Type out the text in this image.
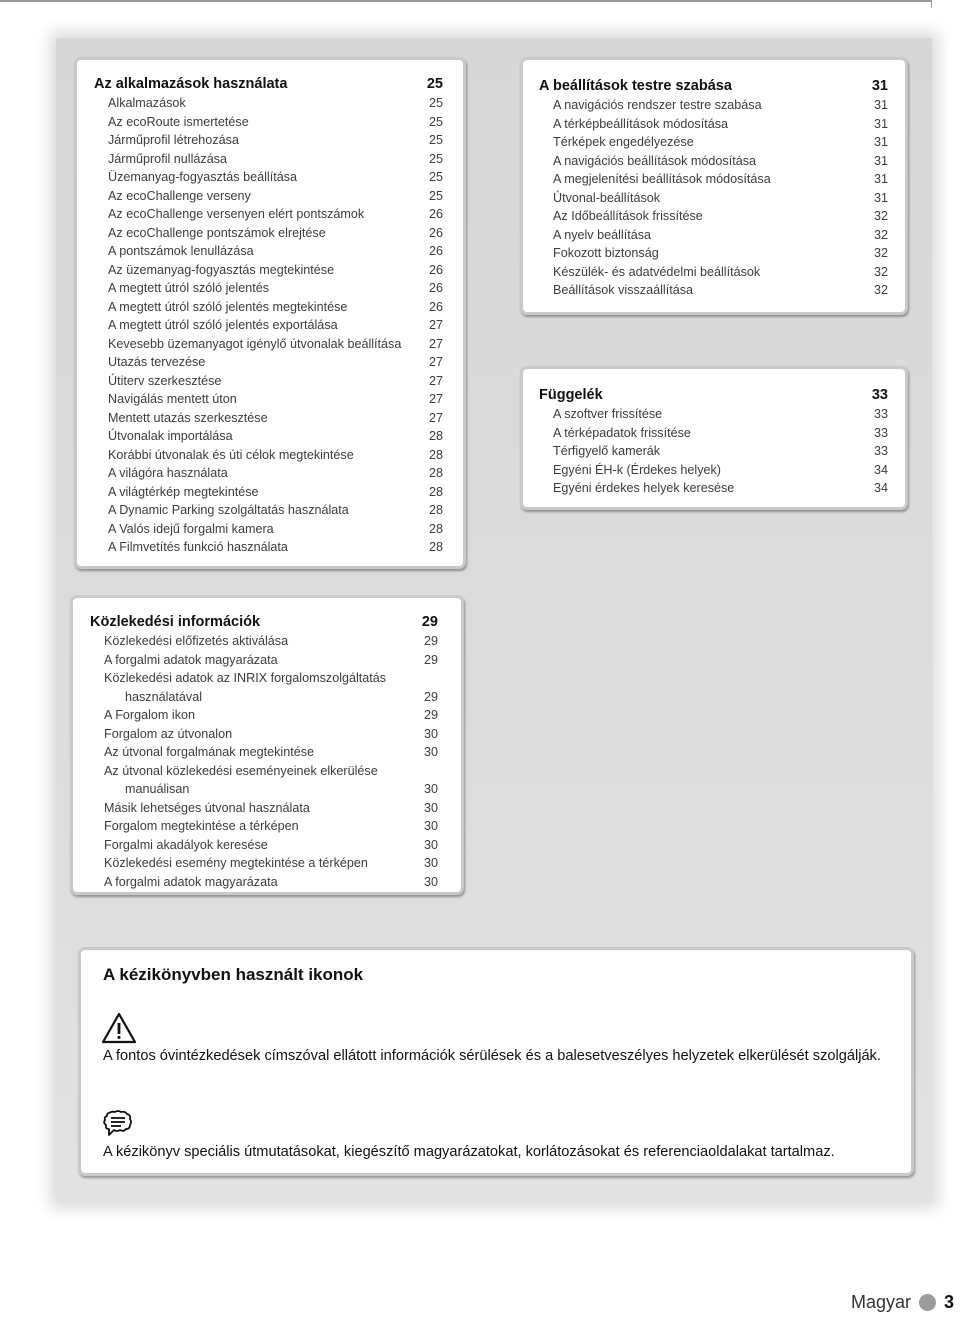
Az alkalmazások használata	25
Alkalmazások	25
Az ecoRoute ismertetése	25
Járműprofil létrehozása	25
Járműprofil nullázása	25
Üzemanyag-fogyasztás beállítása	25
Az ecoChallenge verseny	25
Az ecoChallenge versenyen elért pontszámok	26
Az ecoChallenge pontszámok elrejtése	26
A pontszámok lenullázása	26
Az üzemanyag-fogyasztás megtekintése	26
A megtett útról szóló jelentés	26
A megtett útról szóló jelentés megtekintése	26
A megtett útról szóló jelentés exportálása	27
Kevesebb üzemanyagot igénylő útvonalak beállítása 27
Utazás tervezése	27
Útiterv szerkesztése	27
Navigálás mentett úton	27
Mentett utazás szerkesztése	27
Útvonalak importálása	28
Korábbi útvonalak és úti célok megtekintése	28
A világóra használata	28
A világtérkép megtekintése	28
A Dynamic Parking szolgáltatás használata	28
A Valós idejű forgalmi kamera	28
A Filmvetítés funkció használata	28
A beállítások testre szabása	31
A navigációs rendszer testre szabása	31
A térképbeállítások módosítása	31
Térképek engedélyezése	31
A navigációs beállítások módosítása	31
A megjelenítési beállítások módosítása	31
Útvonal-beállítások	31
Az Időbeállítások frissítése	32
A nyelv beállítása	32
Fokozott biztonság	32
Készülék- és adatvédelmi beállítások	32
Beállítások visszaállítása	32
Függelék	33
A szoftver frissítése	33
A térképadatok frissítése	33
Térfigyelő kamerák	33
Egyéni ÉH-k (Érdekes helyek)	34
Egyéni érdekes helyek keresése	34
Közlekedési információk	29
Közlekedési előfizetés aktiválása	29
A forgalmi adatok magyarázata	29
Közlekedési adatok az INRIX forgalomszolgáltatás
használatával	29
A Forgalom ikon	29
Forgalom az útvonalon	30
Az útvonal forgalmának megtekintése	30
Az útvonal közlekedési eseményeinek elkerülése
manuálisan	30
Másik lehetséges útvonal használata	30
Forgalom megtekintése a térképen	30
Forgalmi akadályok keresése	30
Közlekedési esemény megtekintése a térképen	30
A forgalmi adatok magyarázata	30
A kézikönyvben használt ikonok
A fontos óvintézkedések címszóval ellátott információk sérülések és a balesetveszélyes helyzetek elkerülését szolgálják.
A kézikönyv speciális útmutatásokat, kiegészítő magyarázatokat, korlátozásokat és referenciaoldalakat tartalmaz.
Magyar 3
